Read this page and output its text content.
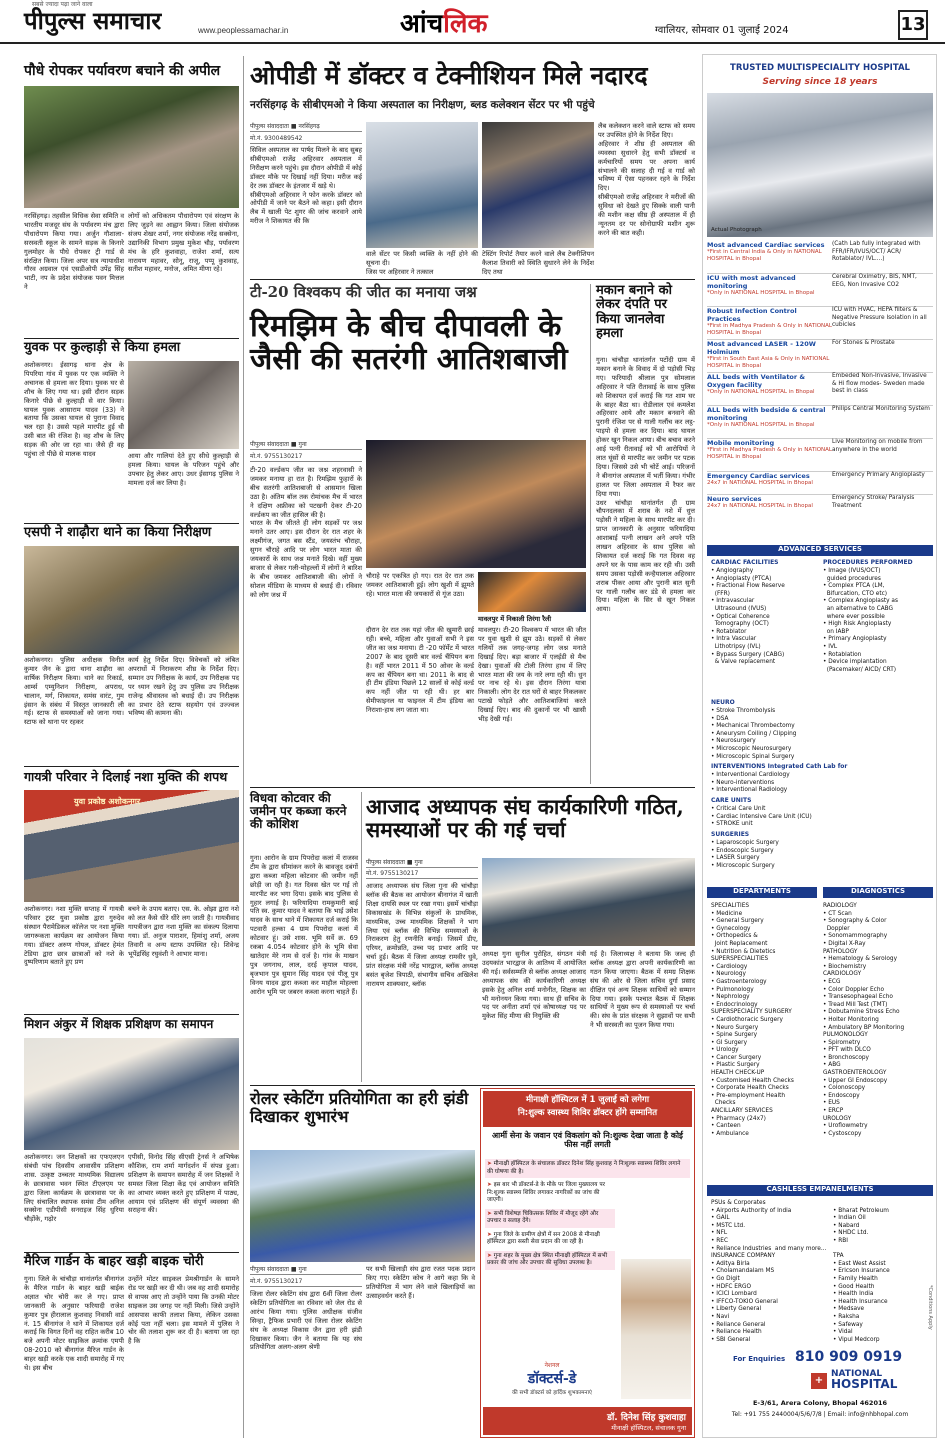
सबसे ज्यादा पढ़ा जाने वाला
पीपुल्स समाचार	www.peoplessamachar.in	आंचलिक	ग्वालियर, सोमवार 01 जुलाई 2024	13
पौधे रोपकर पर्यावरण बचाने की अपील
नरसिंहगढ़। तहसील विधिक सेवा समिति व भारतीय मजदूर संघ के पर्यावरण मंच द्वारा पौधारोपण किया गया। अर्जुन गौशाला-सरस्वती स्कूल के सामने सड़क के किनारे गुलमोहर के पौधे रोपकर ट्री गार्ड से संरक्षित किया। जिला अपर सत्र न्यायाधीश गौरव अग्रवाल एवं एसडीओपी उपेंद्र सिंह भाटी, नप के प्रदेश संयोजक पवन मित्तल ने
लोगों को अधिकतम पौधारोपण एवं संरक्षण के लिए जुड़ने का आह्वान किया। जिला संयोजक संजय शेखर शर्मा, नगर संयोजक नरेंद्र सक्सेना, उद्यानिकी विभाग प्रमुख मुकेश चौड़, पर्यावरण मंच के हरि कुशवाहा, राजेश शर्मा, सत्य नारायण महावर, सोनू, राजू, पप्पू कुशवाह, सतीश महावर, मनोज, अमित मीणा रहे।
युवक पर कुल्हाड़ी से किया हमला
अशोकनगर। ईसागढ़ थाना क्षेत्र के पिपरिया गांव में युवक पर एक व्यक्ति ने अचानक से हमला कर दिया। युवक घर से शौच के लिए गया था। इसी दौरान सड़क किनारे पीछे से कुल्हाड़ी से वार किया। घायल युवक आसाराम यादव (33) ने बताया कि उसका घायल से पुराना विवाद चल रहा है। उससे पहले मारपीट हुई थी उसी बात की रंजिश है। वह शौच के लिए सड़क की ओर जा रहा था। जैसे ही वह पहुंचा तो पीछे से मालक यादव	आया और गालियां देते हुए सीधे कुल्हाड़ी से हमला किया। घायल के परिजन पहुंचे और उपचार हेतु लेकर आए। उधर ईसागढ़ पुलिस ने मामला दर्ज कर लिया है।
एसपी ने शाढ़ौरा थाने का किया निरीक्षण
अशोकनगर। पुलिस अधीक्षक विनीत कुमार जैन के द्वारा थाना शाढ़ौरा का वार्षिक निरीक्षण किया। थाने का रिकार्ड, आर्म्स एम्युनिशन निरीक्षण, अपराध, चालान, मर्ग, शिकायत, समंस वारंट, गुम इंसान के संबंध में विस्तृत जानकारी ली गई। स्टाफ से समस्याओं को जाना गया। स्टाफ को थाना पर रहकर
कार्य हेतु निर्देश दिए। विवेचकों को लंबित अपराधों में निराकरण शीघ्र के निर्देश दिए। सम्मान उप निरीक्षक के कार्य, उप निरीक्षक पद पर ध्यान रखने हेतु उप पुलिस उप निरीक्षक राजेन्द्र श्रीवास्तव को बधाई दी। उप निरीक्षक का प्रभार देते स्टाफ सहयोग एवं उज्ज्वल भविष्य की कामना की।
गायत्री परिवार ने दिलाई नशा मुक्ति की शपथ
युवा प्रकोष्ठ अशोकनगर
अशोकनगर। नशा मुक्ति सप्ताह में गायत्री परिवार ट्रस्ट युवा प्रकोष्ठ द्वारा गुरुदेव संस्थान पैरामेडिकल कॉलेज पर नशा मुक्ति जागरूकता कार्यक्रम का आयोजन किया गया। डॉक्टर अरुण गोयल, डॉक्टर हेमंत टेडिया द्वारा छात्र छात्राओं को नशे के दुष्परिणाम बताते हुए प्रण
बचने के उपाय बताए। एस. के. ओझा द्वारा नशे को लत कैसे धीरे धीरे लग जाती है। गायत्रीवाद गायत्रीजन द्वारा नशा मुक्ति का संकल्प दिलाया गया। डॉ. अनुज पाराशर, हिमांशु शर्मा, अजय तिवारी व अन्य स्टाफ उपस्थित रहे। शिवेन्द्र भूपेंद्रसिंह रघुवंशी ने आभार माना।
मिशन अंकुर में शिक्षक प्रशिक्षण का समापन
अशोकनगर। जन शिक्षकों का एफएलएन संबंधी पांच दिवसीय आवासीय प्रशिक्षण शास. उत्कृष्ट उच्चतर माध्यमिक विद्यालय के छात्रावास भवन स्थित टीएलएम पर द्वारा जिला कार्यक्रम के छात्रावास पर के लिए संचालित स्थापक समंस टीम अनिल सक्सेना एडीपीसी सनराइज सिंह धुरिया चौड़ोंके, गढ़ोर
एपीसी, विनोद सिंह सीएसी ट्रेनर्स ने अभिषेक कौशिक, राम शर्मा मार्गदर्शन में संपन्न हुआ। प्रशिक्षण के समापन समारोह में जन शिक्षकों ने समस्त जिला शिक्षा केंद्र एवं आयोजन समिति का आभार व्यक्त करते हुए प्रशिक्षण में पाठ्य, आयाम एवं प्रशिक्षण की संपूर्ण व्यवस्था की सराहना की।
मैरिज गार्डन के बाहर खड़ी बाइक चोरी
गुना। जिले के चांचौड़ा थानांतर्गत बीनागंज के मैरिज गार्डन के बाहर खड़ी बाईक अज्ञात चोर चोरी कर ले गए। प्राप्त जानकारी के अनुसार फरियादी राजेश कुमार पुत्र हीरालाल कुशवाह निवासी वार्ड नं. 15 बीनागंज ने थाने में शिकायत दर्ज कराई कि विगत दिनों वह राहित करीब 10 बजे अपनी मोटर साइकिल क्रमांक एमपी 08-2010 को बीनागंज मैरिज गार्डन के बाहर खड़ी करके एक शादी समारोह में गए थे। इस बीच
उन्होंने मोटर साइकल प्रेमश्रीगार्डन के सामने रोड पर खड़ी कर दी थी। जब वह शादी समारोह से वापस आए तो उन्होंने पाया कि उनकी मोटर साइकल उस जगह पर नहीं मिली। जिसे उन्होंने आसपास काफी तलाश किया, लेकिन उसका कोई पता नहीं चला। इस मामले में पुलिस ने चोर की तलाश शुरू कर दी है। बताया जा रहा है कि
ओपीडी में डॉक्टर व टेक्नीशियन मिले नदारद
नरसिंहगढ़ के सीबीएमओ ने किया अस्पताल का निरीक्षण, ब्लड कलेक्शन सेंटर पर भी पहुंचे
पीपुल्स संवाददाता ■ नरसिंहगढ़
मो.नं. 9300489542
सिविल अस्पताल का पार्षद मिलने के बाद सुबह सीबीएमओ राजेंद्र अहिरवार अस्पताल में निरीक्षण करने पहुंचे। इस दौरान ओपीडी में कोई डॉक्टर मौके पर दिखाई नहीं दिया। मरीज कई देर तक डॉक्टर के इंतजार में खड़े थे।
सीबीएमओ अहिरवार ने फोन करके डॉक्टर को ओपीडी में जाने पर बैठने को कहा। इसी दौरान लैब में खाली पेट शुगर की जांच करवाने आये मरीज ने शिकायत की कि
वाले सेंटर पर किसी व्यक्ति के नहीं होने की सूचना दी।
जिस पर अहिरवार ने तत्काल
टेस्टिंग रिपोर्ट तैयार करने वाले लैब टेक्नीशियन कैलाश तिवारी को स्थिति सुधारने लेने के निर्देश दिए तथा
लैब कलेक्शन करने वाले स्टाफ को समय पर उपस्थित होने के निर्देश दिए।
अहिरवार ने शीघ्र ही अस्पताल की व्यवस्था सुधारने हेतु सभी डॉक्टर्स व कर्मचारियों समय पर अपना कार्य संभालने की सलाह दी गई व गार्ड को भविष्य में ऐसा पहनकर रहने के निर्देश दिए।
सीबीएमओ राजेंद्र अहिरवार ने मरीजों की सुविधा को देखते हुए सिक्के वाली पानी की मशीन कक्ष सीघ्र ही अस्पताल में ही न्यूनतम दर पर सोनोग्राफी मशीन शुरू करने की बात कही।
टी-20 विश्वकप की जीत का मनाया जश्न
रिमझिम के बीच दीपावली के जैसी की सतरंगी आतिशबाजी
पीपुल्स संवाददाता ■ गुना
मो.नं. 9755130217
टी-20 वर्ल्डकप जीत का जश्न शहरवासी ने जमकर मनाया हा रात है। रिमझिम फुहारों के बीच सतरंगी आतिशबाजी से आसमान खिला उठा है। अंतिम बॉल तक रोमांचक मैच में भारत ने दक्षिण अफ्रीका को पटखनी देकर टी-20 वर्ल्डकप का जीत हासिल की है।
भारत के मैच जीतते ही लोग सड़कों पर जश्न मनाने उतर आए। इस दौरान देर रात शहर के लक्ष्मीगंज, जगत बस स्टैंड, जयस्तंभ चौराहा, सुगन चौराहे आदि पर लोग भारत माता की जयकारों के साथ जश्न मनाते दिखे। वहीं मुख्य बाजार से लेकर गली-मोहल्लों में लोगों ने बारिश के बीच जमकर आतिशबाजी की। लोगों ने सोशल मीडिया के माध्यम से बधाई दी। रविवार को लोग जश्न में
चौराहे पर एकत्रित हो गए। रात देर रात तक जमकर आतिशबाजी हुई। लोग खुशी में झूमते रहे। भारत माता की जयकारों से गूंज उठा।
मावलपुर में निकाली तिरंगा रैली
दौरान देर रात तक यहां जीत की खुमारी छाई रही। बच्चे, महिला और युवाओं सभी ने इस जीत का जश्न मनाया। टी -20 फॉर्मेट में भारत 2007 के बाद दूसरी बार वर्ल्ड चैंपियन बना है। वहीं भारत 2011 में 50 ओवर के वर्ल्ड कप का चैंपियन बना था। 2011 के बाद से ही टीम इंडिया पिछले 12 सालों से कोई वर्ल्ड कप नहीं जीत पा रही थी। हर बार सेमीफाइनल या फाइनल में टीम इंडिया का निराशा-हाथ लग जाता था।
मावलपुर। टी-20 विश्वकप में भारत की जीत पर युवा खुशी से झूम उठे। सड़कों से लेकर गलियों तक जगह-जगह लोग जश्न मनाते दिखाई दिए। बड़ा बाजार में एलईडी से मैच देखा। युवाओं की टोली तिरंगा हाथ में लिए भारत माता की जय के नारे लगा रही थी। धुन पर नाच रहे थे। इस दौरान तिरंगा यात्रा निकाली। लोग देर रात घरों से बाहर निकलकर पटाखे फोड़ते और आतिशबाजियां करते दिखाई दिए। बाद की दुकानों पर भी खासी भीड़ देखी गई।
मकान बनाने को लेकर दंपति पर किया जानलेवा हमला
गुना। चांचौड़ा थानांतर्गत पटोंदी ग्राम में मकान बनाने के विवाद में दो पड़ोसी भिड़ गए। फरियादी श्रीलाल पुत्र सोमलाल अहिरवार ने पति रीतावाई के साथ पुलिस को शिकायत दर्ज कराई कि गत शाम घर के बाहर बैठा था। रोडीलाल एवं कमलेश अहिरवार आये और मकान बनवाने की पुरानी रंजिश पर से गाली गलौंच कर लट्ठ-पाइपो से हमला कर दिया। बाद घायल होकर खून निकल आया। बीच बचाव करने आई पत्नी रीतावाई को भी आरोपियों ने लात घूंसों से मारपीट कर जमीन पर पटक दिया। जिससे उसे भी चोटें आई। परिजनों ने बीनागंज अस्पताल में भर्ती किया। गंभीर हालत पर जिला अस्पताल में रैफर कर दिया गया।
उधर चांचौड़ा थानांतर्गत ही ग्राम चौपनदलका में शराब के नशे में धुत्त पड़ोसी ने महिला के साथ मारपीट कर दी। प्राप्त जानकारी के अनुसार फरियादिया आशाबाई पत्नी लाखन अने अपने पति लाखन अहिरवार के साथ पुलिस को शिकायत दर्ज कराई कि गत दिवस वह अपने घर के पास काम कर रही थी। उसी समय उसका पड़ोसी कन्हैयालाल अहिरवार शराब पीकर आया और पुरानी बात सुनी पर गाली गलौच कर डंडे से हमला कर दिया। महिला के सिर से खून निकल आया।
विधवा कोटवार की जमीन पर कब्जा करने की कोशिश
गुना। आरोन के ग्राम पिपरोदा कलां में राजस्व टीम के द्वारा सीमांकन करने के बावजूद दबंगों द्वारा कब्जा महिला कोटवार की जमीन नहीं छोड़ी जा रही है। गत दिवस खेत पर गई तो मारपीट कर भगा दिया। इसके बाद पुलिस से गुहार लगाई है। फरियादिया रामकुमारी बाई पति स्व. कुमार यादव ने बताया कि भाई उसेश यादव के साथ थाने में शिकायत दर्ज कराई कि पटवारी हल्का 4 ग्राम पिपरोदा कलां में कोटवार हूं। उसे शास. भूमि सर्वे क्र. 69 रकबा 4.054 कोटवार होने के भूमि सेवा खातेदार मेरे नाम से दर्ज है। गांव के माखन पुत्र जगनाथ, लाल, दरई कृपाल यादव, बृजभान पुत्र सुमान सिंह यादव एवं पीलू पुत्र विनय यादव द्वारा कब्जा कर माहौल मोहल्ला आरोन भूमि पर जबरन कब्जा करना चाहते हैं।
आजाद अध्यापक संघ कार्यकारिणी गठित, समस्याओं पर की गई चर्चा
पीपुल्स संवाददाता ■ गुना
मो.नं. 9755130217
आजाद अध्यापक संघ जिला गुना की चांचौड़ा ब्लॉक की बैठक का आयोजन बीनागंज में खाती शिक्षा दायसि स्थल पर रखा गया। इसमें चांचौड़ा विकासखंड के विभिन्न संकुलों के प्राथमिक, माध्यमिक, उच्च माध्यमिक शिक्षकों ने भाग लिया एवं ब्लॉक की विभिन्न समस्याओं के निराकरण हेतु रणनीति बनाई। जिसमें डीए, एरियर, क्रमोन्नति, उच्च पद प्रभार आदि पर चर्चा हुई। बैठक में जिला अध्यक्ष रामवीर धुवे, प्रांत संरक्षक मंत्री नरेंद्र भारद्वाज, ब्लॉक अध्यक्ष बसंत बृजेश त्रिपाठी, संभागीय सचिव अखिलेश नारायण शाक्यवार, ब्लॉक
अध्यक्ष गुना सुनील पुरोहित, संगठन मंत्री उदयकांत भारद्वाज के आतिथ्य में आयोजित की गई। सर्वसम्मति से ब्लॉक अध्यक्ष आजाद अध्यापक संघ की कार्यकारिणी अध्यक्ष इसके हेतु अनिल शर्मा मनोनीत, शिक्षक का भी मनोनयन किया गया। साथ ही सचिव के पद पर अनीता शर्मा एवं कोषाध्यक्ष पद पर मुकेश सिंह मीणा की नियुक्ति की
गई है। जिलाध्यक्ष ने बताया कि जल्द ही ब्लॉक अध्यक्ष द्वारा अपनी कार्यकारिणी का गठन किया जाएगा। बैठक में समग्र शिक्षक संघ की ओर से जिला सचिव दुर्गा प्रसाद दीक्षित एवं अन्य शिक्षक साथियों को सम्मान दिया गया। इसके पश्चात बैठक में शिक्षक साथियों ने मुख्य रूप से समस्याओं पर चर्चा की। संघ के प्रांत संरक्षक ने सुझावों पर सभी ने भी सरस्वती का पूजन किया गया।
रोलर स्केटिंग प्रतियोगिता का हरी झंडी दिखाकर शुभारंभ
पीपुल्स संवाददाता ■ गुना
मो.नं. 9755130217
जिला रोलर स्केटिंग संघ द्वारा 6वीं जिला रोलर स्केटिंग प्रतियोगिता का रविवार को जेल रोड से आरंभ किया गया। पुलिस अधीक्षक संजीव सिन्हा, ट्रैफिक प्रभारी एवं जिला रोलर स्केटिंग संघ के अध्यक्ष विकास जैन द्वारा हरी झंडी दिखाकर किया। जैन ने बताया कि यह संघ प्रतियोगिता अलग-अलग श्रेणी
पर सभी खिलाड़ी संघ द्वारा रजत पदक प्रदान किए गए। स्केटिंग कोच ने आगे कहा कि वे प्रतियोगिता में भाग लेने वाले खिलाड़ियों का उत्साहवर्धन करते हैं।
मीनाक्षी हॉस्पिटल में 1 जुलाई को लगेगा
नि:शुल्क स्वास्थ्य शिविर डॉक्टर होंगे सम्मानित
आर्मी सेना के जवान एवं विकलांग को नि:शुल्क देखा जाता है कोई फीस नहीं लगती
➤ मीनाक्षी हॉस्पिटल के संचालक डॉक्टर दिनेश सिंह कुशवाह ने निःशुल्क स्वास्थ्य शिविर लगाने की घोषणा की है।
➤ इस बार भी डॉक्टर्स-डे के मौके पर जिला मुख्यालय पर नि:शुल्क स्वास्थ्य शिविर लगाकर नागरिकों का जांच की जाएगी।
➤ सभी विशेषज्ञ चिकित्सक शिविर में मौजूद रहेंगे और उपचार व सलाह देंगे।
➤ गुना जिले के ग्रामीण क्षेत्रों में सन 2008 से मीनाक्षी हॉस्पिटल द्वारा सस्ती सेवा प्रदान की जा रही है।
➤ गुना शहर के मुख्य क्षेत्र स्थित मीनाक्षी हॉस्पिटल में सभी प्रकार की जांच और उपचार की सुविधा उपलब्ध है।
नेशनल
डॉक्टर्स-डे
की सभी डॉक्टर्स को हार्दिक शुभकामनाएं
डॉ. दिनेश सिंह कुशवाहा
मीनाक्षी हॉस्पिटल, संचालक गुना
TRUSTED MULTISPECIALITY HOSPITAL
Serving since 18 years
Actual Photograph
Most advanced Cardiac services
*First in Central India & Only in NATIONAL HOSPITAL in Bhopal
(Cath Lab fully integrated with FFR/IFR/IVUS/OCT/ ACR/ Rotablator/ IVL....)
ICU with most advanced monitoring
*Only in NATIONAL HOSPITAL in Bhopal
Cerebral Oximetry, BIS, NMT, EEG, Non Invasive CO2
Robust Infection Control Practices
*First in Madhya Pradesh & Only in NATIONAL HOSPITAL in Bhopal
ICU with HVAC, HEPA filters & Negative Pressure Isolation in all cubicles
Most advanced LASER - 120W Holmium
*First in South East Asia & Only in NATIONAL HOSPITAL in Bhopal
For Stones & Prostate
ALL beds with Ventilator & Oxygen facility
*Only in NATIONAL HOSPITAL in Bhopal
Embeded Non-Invasive, Invasive & Hi flow modes- Sweden made best in class
ALL beds with bedside & central monitoring
*Only in NATIONAL HOSPITAL in Bhopal
Philips Central Monitoring System
Mobile monitoring
*First in Madhya Pradesh & Only in NATIONAL HOSPITAL in Bhopal
Live Monitoring on mobile from anywhere in the world
Emergency Cardiac services
24x7 in NATIONAL HOSPITAL in Bhopal
Emergency Primary Angioplasty
Neuro services
24x7 in NATIONAL HOSPITAL in Bhopal
Emergency Stroke/ Paralysis Treatment
ADVANCED SERVICES
CARDIAC FACILITIES
• Angiography
• Angioplasty (PTCA)
• Fractional Flow Reserve
(FFR)
• Intravascular
Ultrasound (IVUS)
• Optical Coherence
Tomography (OCT)
• Rotablator
• Intra Vascular
Lithotripsy (IVL)
• Bypass Surgery (CABG)
& Valve replacement
PROCEDURES PERFORMED
• Image (IVUS/OCT)
guided procedures
• Complex PTCA (LM,
Bifurcation, CTO etc)
• Complex Angioplasty as
an alternative to CABG
where ever possible
• High Risk Angioplasty
on IABP
• Primary Angioplasty
• IVL
• Rotablation
• Device implantation
(Pacemaker/ AICD/ CRT)
NEURO
• Stroke Thrombolysis
• DSA
• Mechanical Thrombectomy
• Aneurysm Coiling / Clipping
• Neurosurgery
• Microscopic Neurosurgery
• Microscopic Spinal Surgery
INTERVENTIONS Integrated Cath Lab for
• Interventional Cardiology
• Neuro-interventions
• Interventional Radiology
CARE UNITS
• Critical Care Unit
• Cardiac Intensive Care Unit (ICU)
• STROKE unit
SURGERIES
• Laparoscopic Surgery
• Endoscopic Surgery
• LASER Surgery
• Microscopic Surgery
DEPARTMENTS	DIAGNOSTICS
SPECIALITIES
• Medicine
• General Surgery
• Gynecology
• Orthopedics &
Joint Replacement
• Nutrition & Dietetics
SUPERSPECIALITIES
• Cardiology
• Neurology
• Gastroenterology
• Pulmonology
• Nephrology
• Endocrinology
SUPERSPECIALITY SURGERY
• Cardiothoracic Surgery
• Neuro Surgery
• Spine Surgery
• GI Surgery
• Urology
• Cancer Surgery
• Plastic Surgery
HEALTH CHECK-UP
• Customised Health Checks
• Corporate Health Checks
• Pre-employment Health
Checks
ANCILLARY SERVICES
• Pharmacy (24x7)
• Canteen
• Ambulance
RADIOLOGY
• CT Scan
• Sonography & Color
Doppler
• Sonomammography
• Digital X-Ray
PATHOLOGY
• Hematology & Serology
• Biochemistry
CARDIOLOGY
• ECG
• Color Doppler Echo
• Transesophageal Echo
• Tread Mill Test (TMT)
• Dobutamine Stress Echo
• Holter Monitoring
• Ambulatory BP Monitoring
PULMONOLOGY
• Spirometry
• PFT with DLCO
• Bronchoscopy
• ABG
GASTROENTEROLOGY
• Upper GI Endoscopy
• Colonoscopy
• Endoscopy
• EUS
• ERCP
UROLOGY
• Uroflowmetry
• Cystoscopy
CASHLESS EMPANELMENTS
PSUs & Corporates
• Airports Authority of India
• GAIL
• MSTC Ltd.
• NFL
• REC
• Reliance Industries  and many more...
INSURANCE COMPANY
• Aditya Birla
• Cholamandalam MS
• Go Digit
• HDFC ERGO
• ICICI Lombard
• IFFCO-TOKIO General
• Liberty General
• Navi
• Reliance General
• Reliance Health
• SBI General

• Bharat Petroleum
• Indian Oil
• Nabard
• NHDC Ltd.
• RBI

TPA
• East West Assist
• Ericson Insurance
• Family Health
• Good Health
• Health India
• Health Insurance
• Medsave
• Raksha
• Safeway
• Vidal
• Vipul Medcorp
*Conditions Apply
For Enquiries 810 909 0919
+
NATIONAL
HOSPITAL
E-3/61, Arera Colony, Bhopal 462016
Tel: +91 755 2440004/5/6/7/8 | Email: info@nhbhopal.com
